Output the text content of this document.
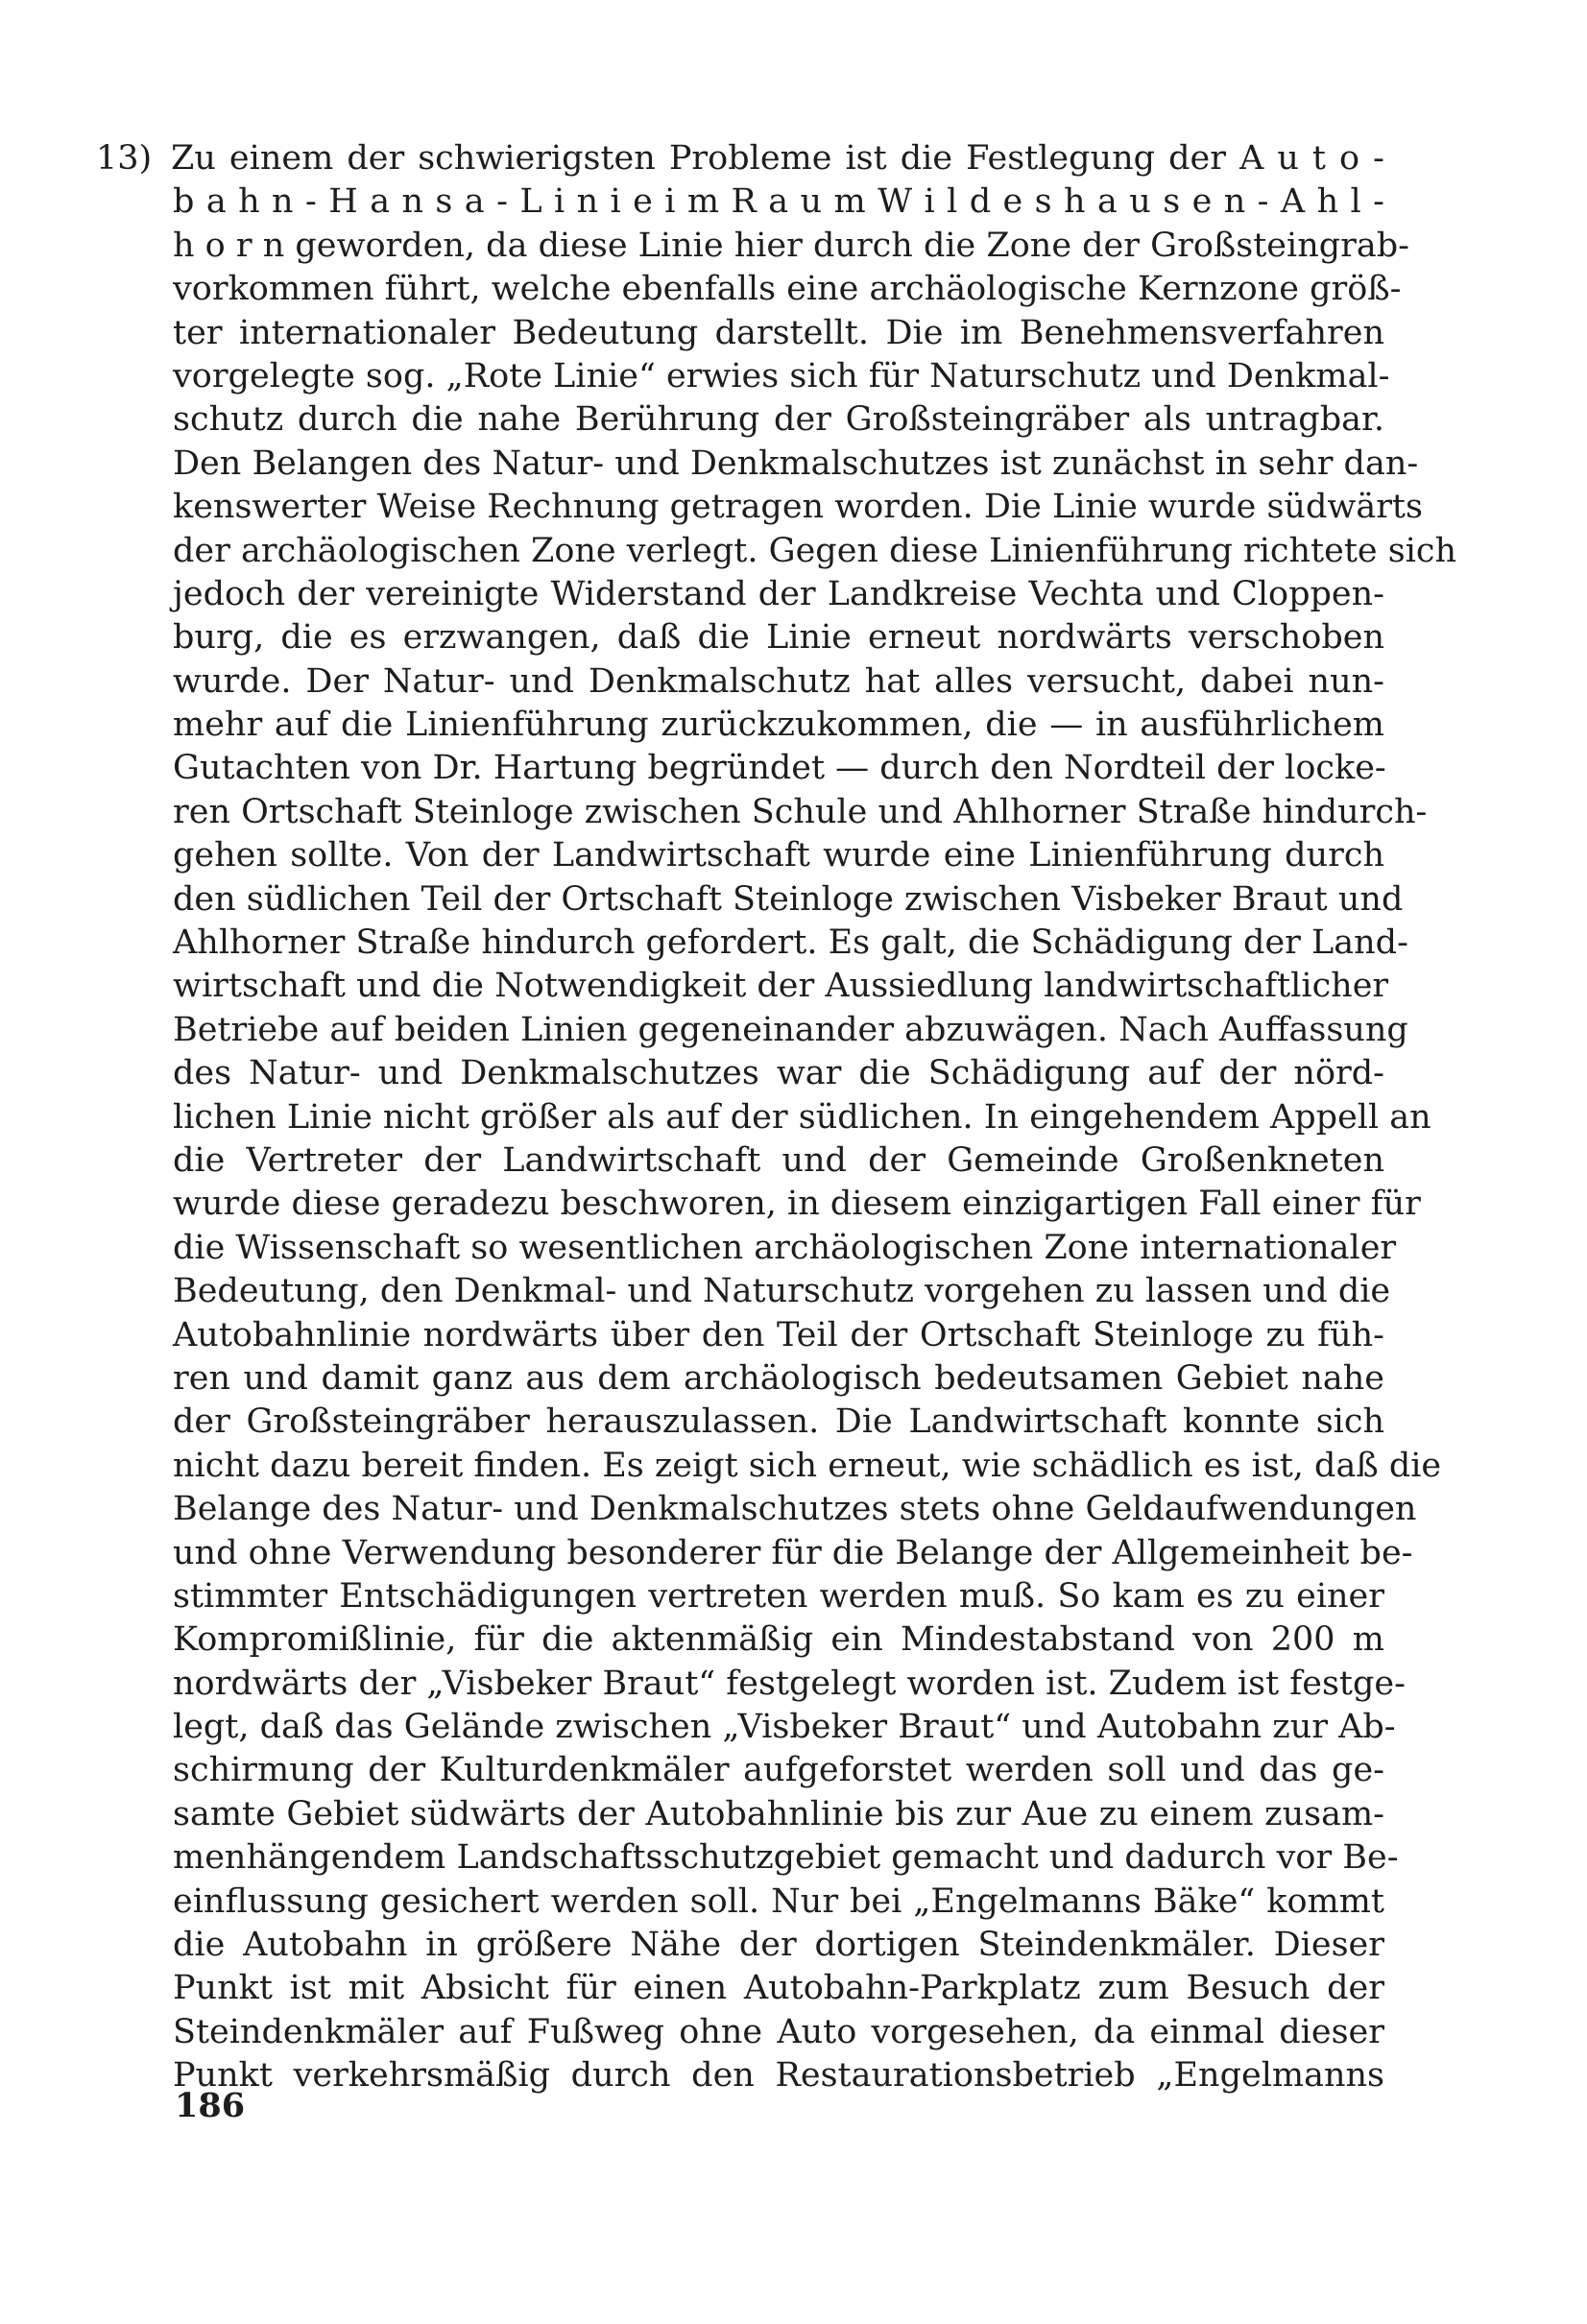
13) Zu einem der schwierigsten Probleme ist die Festlegung der A u t o -
b a h n - H a n s a - L i n i e i m R a u m W i l d e s h a u s e n - A h l -
h o r n geworden, da diese Linie hier durch die Zone der Großsteingrab-
vorkommen führt, welche ebenfalls eine archäologische Kernzone größ-
ter internationaler Bedeutung darstellt. Die im Benehmensverfahren
vorgelegte sog. „Rote Linie“ erwies sich für Naturschutz und Denkmal-
schutz durch die nahe Berührung der Großsteingräber als untragbar.
Den Belangen des Natur- und Denkmalschutzes ist zunächst in sehr dan-
kenswerter Weise Rechnung getragen worden. Die Linie wurde südwärts
der archäologischen Zone verlegt. Gegen diese Linienführung richtete sich
jedoch der vereinigte Widerstand der Landkreise Vechta und Cloppen-
burg, die es erzwangen, daß die Linie erneut nordwärts verschoben
wurde. Der Natur- und Denkmalschutz hat alles versucht, dabei nun-
mehr auf die Linienführung zurückzukommen, die — in ausführlichem
Gutachten von Dr. Hartung begründet — durch den Nordteil der locke-
ren Ortschaft Steinloge zwischen Schule und Ahlhorner Straße hindurch-
gehen sollte. Von der Landwirtschaft wurde eine Linienführung durch
den südlichen Teil der Ortschaft Steinloge zwischen Visbeker Braut und
Ahlhorner Straße hindurch gefordert. Es galt, die Schädigung der Land-
wirtschaft und die Notwendigkeit der Aussiedlung landwirtschaftlicher
Betriebe auf beiden Linien gegeneinander abzuwägen. Nach Auffassung
des Natur- und Denkmalschutzes war die Schädigung auf der nörd-
lichen Linie nicht größer als auf der südlichen. In eingehendem Appell an
die Vertreter der Landwirtschaft und der Gemeinde Großenkneten
wurde diese geradezu beschworen, in diesem einzigartigen Fall einer für
die Wissenschaft so wesentlichen archäologischen Zone internationaler
Bedeutung, den Denkmal- und Naturschutz vorgehen zu lassen und die
Autobahnlinie nordwärts über den Teil der Ortschaft Steinloge zu füh-
ren und damit ganz aus dem archäologisch bedeutsamen Gebiet nahe
der Großsteingräber herauszulassen. Die Landwirtschaft konnte sich
nicht dazu bereit finden. Es zeigt sich erneut, wie schädlich es ist, daß die
Belange des Natur- und Denkmalschutzes stets ohne Geldaufwendungen
und ohne Verwendung besonderer für die Belange der Allgemeinheit be-
stimmter Entschädigungen vertreten werden muß. So kam es zu einer
Kompromißlinie, für die aktenmäßig ein Mindestabstand von 200 m
nordwärts der „Visbeker Braut“ festgelegt worden ist. Zudem ist festge-
legt, daß das Gelände zwischen „Visbeker Braut“ und Autobahn zur Ab-
schirmung der Kulturdenkmäler aufgeforstet werden soll und das ge-
samte Gebiet südwärts der Autobahnlinie bis zur Aue zu einem zusam-
menhängendem Landschaftsschutzgebiet gemacht und dadurch vor Be-
einflussung gesichert werden soll. Nur bei „Engelmanns Bäke“ kommt
die Autobahn in größere Nähe der dortigen Steindenkmäler. Dieser
Punkt ist mit Absicht für einen Autobahn-Parkplatz zum Besuch der
Steindenkmäler auf Fußweg ohne Auto vorgesehen, da einmal dieser
Punkt verkehrsmäßig durch den Restaurationsbetrieb „Engelmanns
186
